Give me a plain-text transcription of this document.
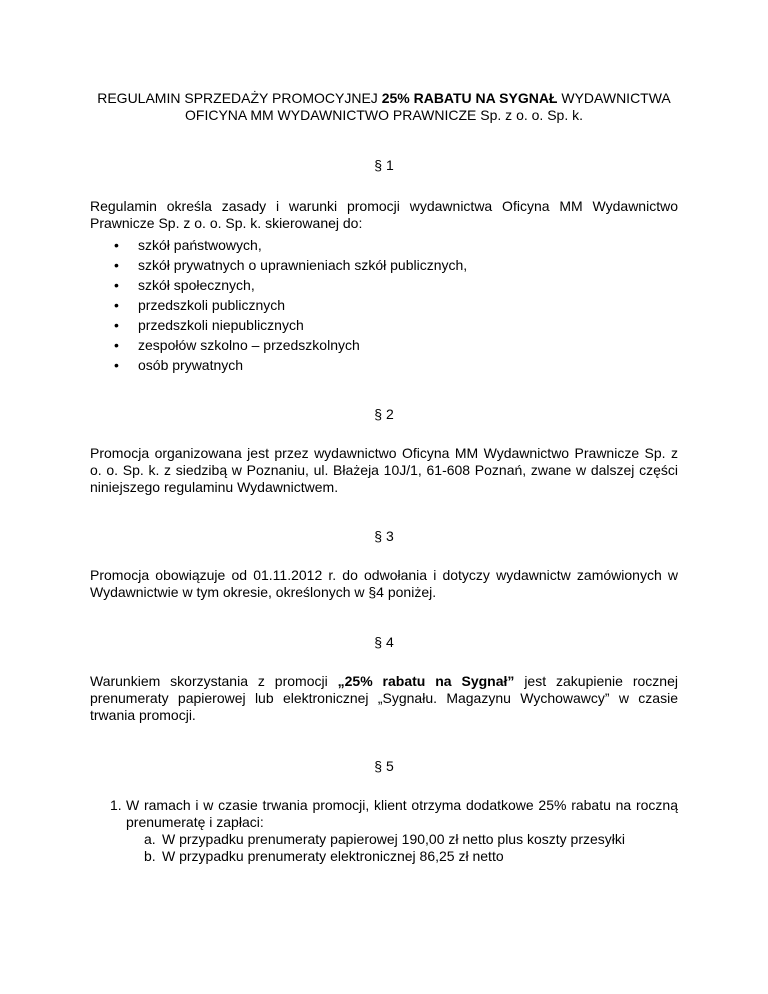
REGULAMIN SPRZEDAŻY PROMOCYJNEJ 25% RABATU NA SYGNAŁ WYDAWNICTWA
OFICYNA MM WYDAWNICTWO PRAWNICZE Sp. z o. o. Sp. k.

§ 1

Regulamin określa zasady i warunki promocji wydawnictwa Oficyna MM Wydawnictwo Prawnicze Sp. z o. o. Sp. k. skierowanej do:

• szkół państwowych,
• szkół prywatnych o uprawnieniach szkół publicznych,
• szkół społecznych,
• przedszkoli publicznych
• przedszkoli niepublicznych
• zespołów szkolno – przedszkolnych
• osób prywatnych

§ 2

Promocja organizowana jest przez wydawnictwo Oficyna MM Wydawnictwo Prawnicze Sp. z o. o. Sp. k. z siedzibą w Poznaniu, ul. Błażeja 10J/1, 61-608 Poznań, zwane w dalszej części niniejszego regulaminu Wydawnictwem.

§ 3

Promocja obowiązuje od 01.11.2012 r. do odwołania i dotyczy wydawnictw zamówionych w Wydawnictwie w tym okresie, określonych w §4 poniżej.

§ 4

Warunkiem skorzystania z promocji „25% rabatu na Sygnał” jest zakupienie rocznej prenumeraty papierowej lub elektronicznej „Sygnału. Magazynu Wychowawcy” w czasie trwania promocji.

§ 5

1. W ramach i w czasie trwania promocji, klient otrzyma dodatkowe 25% rabatu na roczną prenumeratę i zapłaci:

a. W przypadku prenumeraty papierowej 190,00 zł netto plus koszty przesyłki
b. W przypadku prenumeraty elektronicznej 86,25 zł netto
